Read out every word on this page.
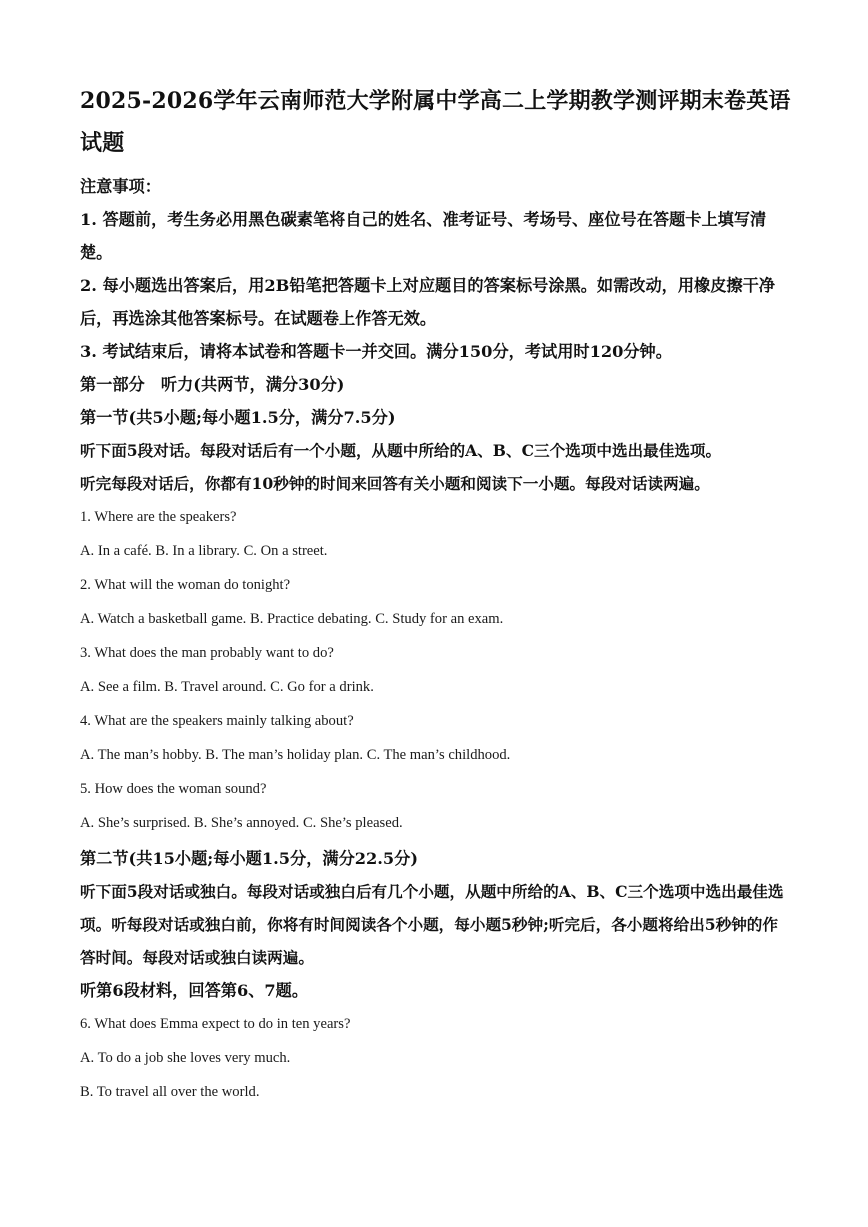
2025-2026学年云南师范大学附属中学高二上学期教学测评期末卷英语试题

注意事项：

1. 答题前，考生务必用黑色碳素笔将自己的姓名、准考证号、考场号、座位号在答题卡上填写清楚。

2. 每小题选出答案后，用2B铅笔把答题卡上对应题目的答案标号涂黑。如需改动，用橡皮擦干净后，再选涂其他答案标号。在试题卷上作答无效。

3. 考试结束后，请将本试卷和答题卡一并交回。满分150分，考试用时120分钟。

第一部分　听力(共两节，满分30分)

第一节(共5小题;每小题1.5分，满分7.5分)

听下面5段对话。每段对话后有一个小题，从题中所给的A、B、C三个选项中选出最佳选项。

听完每段对话后，你都有10秒钟的时间来回答有关小题和阅读下一小题。每段对话读两遍。

1. Where are the speakers?

A. In a café. B. In a library. C. On a street.

2. What will the woman do tonight?

A. Watch a basketball game. B. Practice debating. C. Study for an exam.

3. What does the man probably want to do?

A. See a film. B. Travel around. C. Go for a drink.

4. What are the speakers mainly talking about?

A. The man’s hobby. B. The man’s holiday plan. C. The man’s childhood.

5. How does the woman sound?

A. She’s surprised. B. She’s annoyed. C. She’s pleased.

第二节(共15小题;每小题1.5分，满分22.5分)

听下面5段对话或独白。每段对话或独白后有几个小题，从题中所给的A、B、C三个选项中选出最佳选项。听每段对话或独白前，你将有时间阅读各个小题，每小题5秒钟;听完后，各小题将给出5秒钟的作答时间。每段对话或独白读两遍。

听第6段材料，回答第6、7题。

6. What does Emma expect to do in ten years?

A. To do a job she loves very much.

B. To travel all over the world.
